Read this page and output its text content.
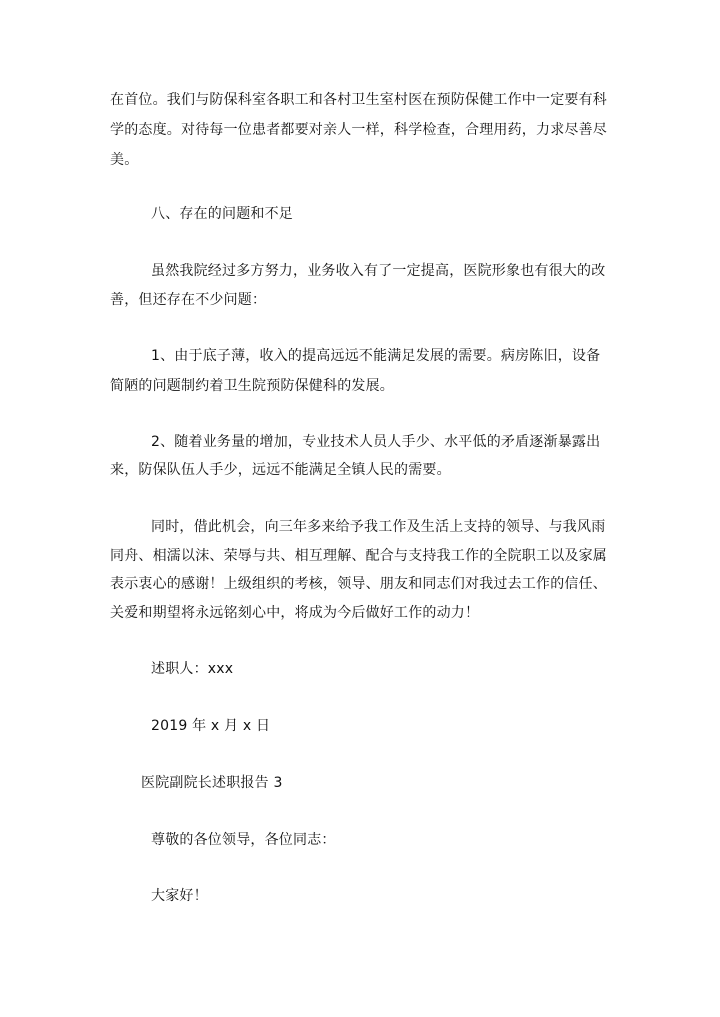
在首位。我们与防保科室各职工和各村卫生室村医在预防保健工作中一定要有科
学的态度。对待每一位患者都要对亲人一样，科学检查，合理用药，力求尽善尽
美。
八、存在的问题和不足
虽然我院经过多方努力，业务收入有了一定提高，医院形象也有很大的改
善，但还存在不少问题：
1、由于底子薄，收入的提高远远不能满足发展的需要。病房陈旧，设备
简陋的问题制约着卫生院预防保健科的发展。
2、随着业务量的增加，专业技术人员人手少、水平低的矛盾逐渐暴露出
来，防保队伍人手少，远远不能满足全镇人民的需要。
同时，借此机会，向三年多来给予我工作及生活上支持的领导、与我风雨
同舟、相濡以沫、荣辱与共、相互理解、配合与支持我工作的全院职工以及家属
表示衷心的感谢！上级组织的考核，领导、朋友和同志们对我过去工作的信任、
关爱和期望将永远铭刻心中，将成为今后做好工作的动力！
述职人：xxx
2019 年 x 月 x 日
医院副院长述职报告 3
尊敬的各位领导，各位同志：
大家好！
